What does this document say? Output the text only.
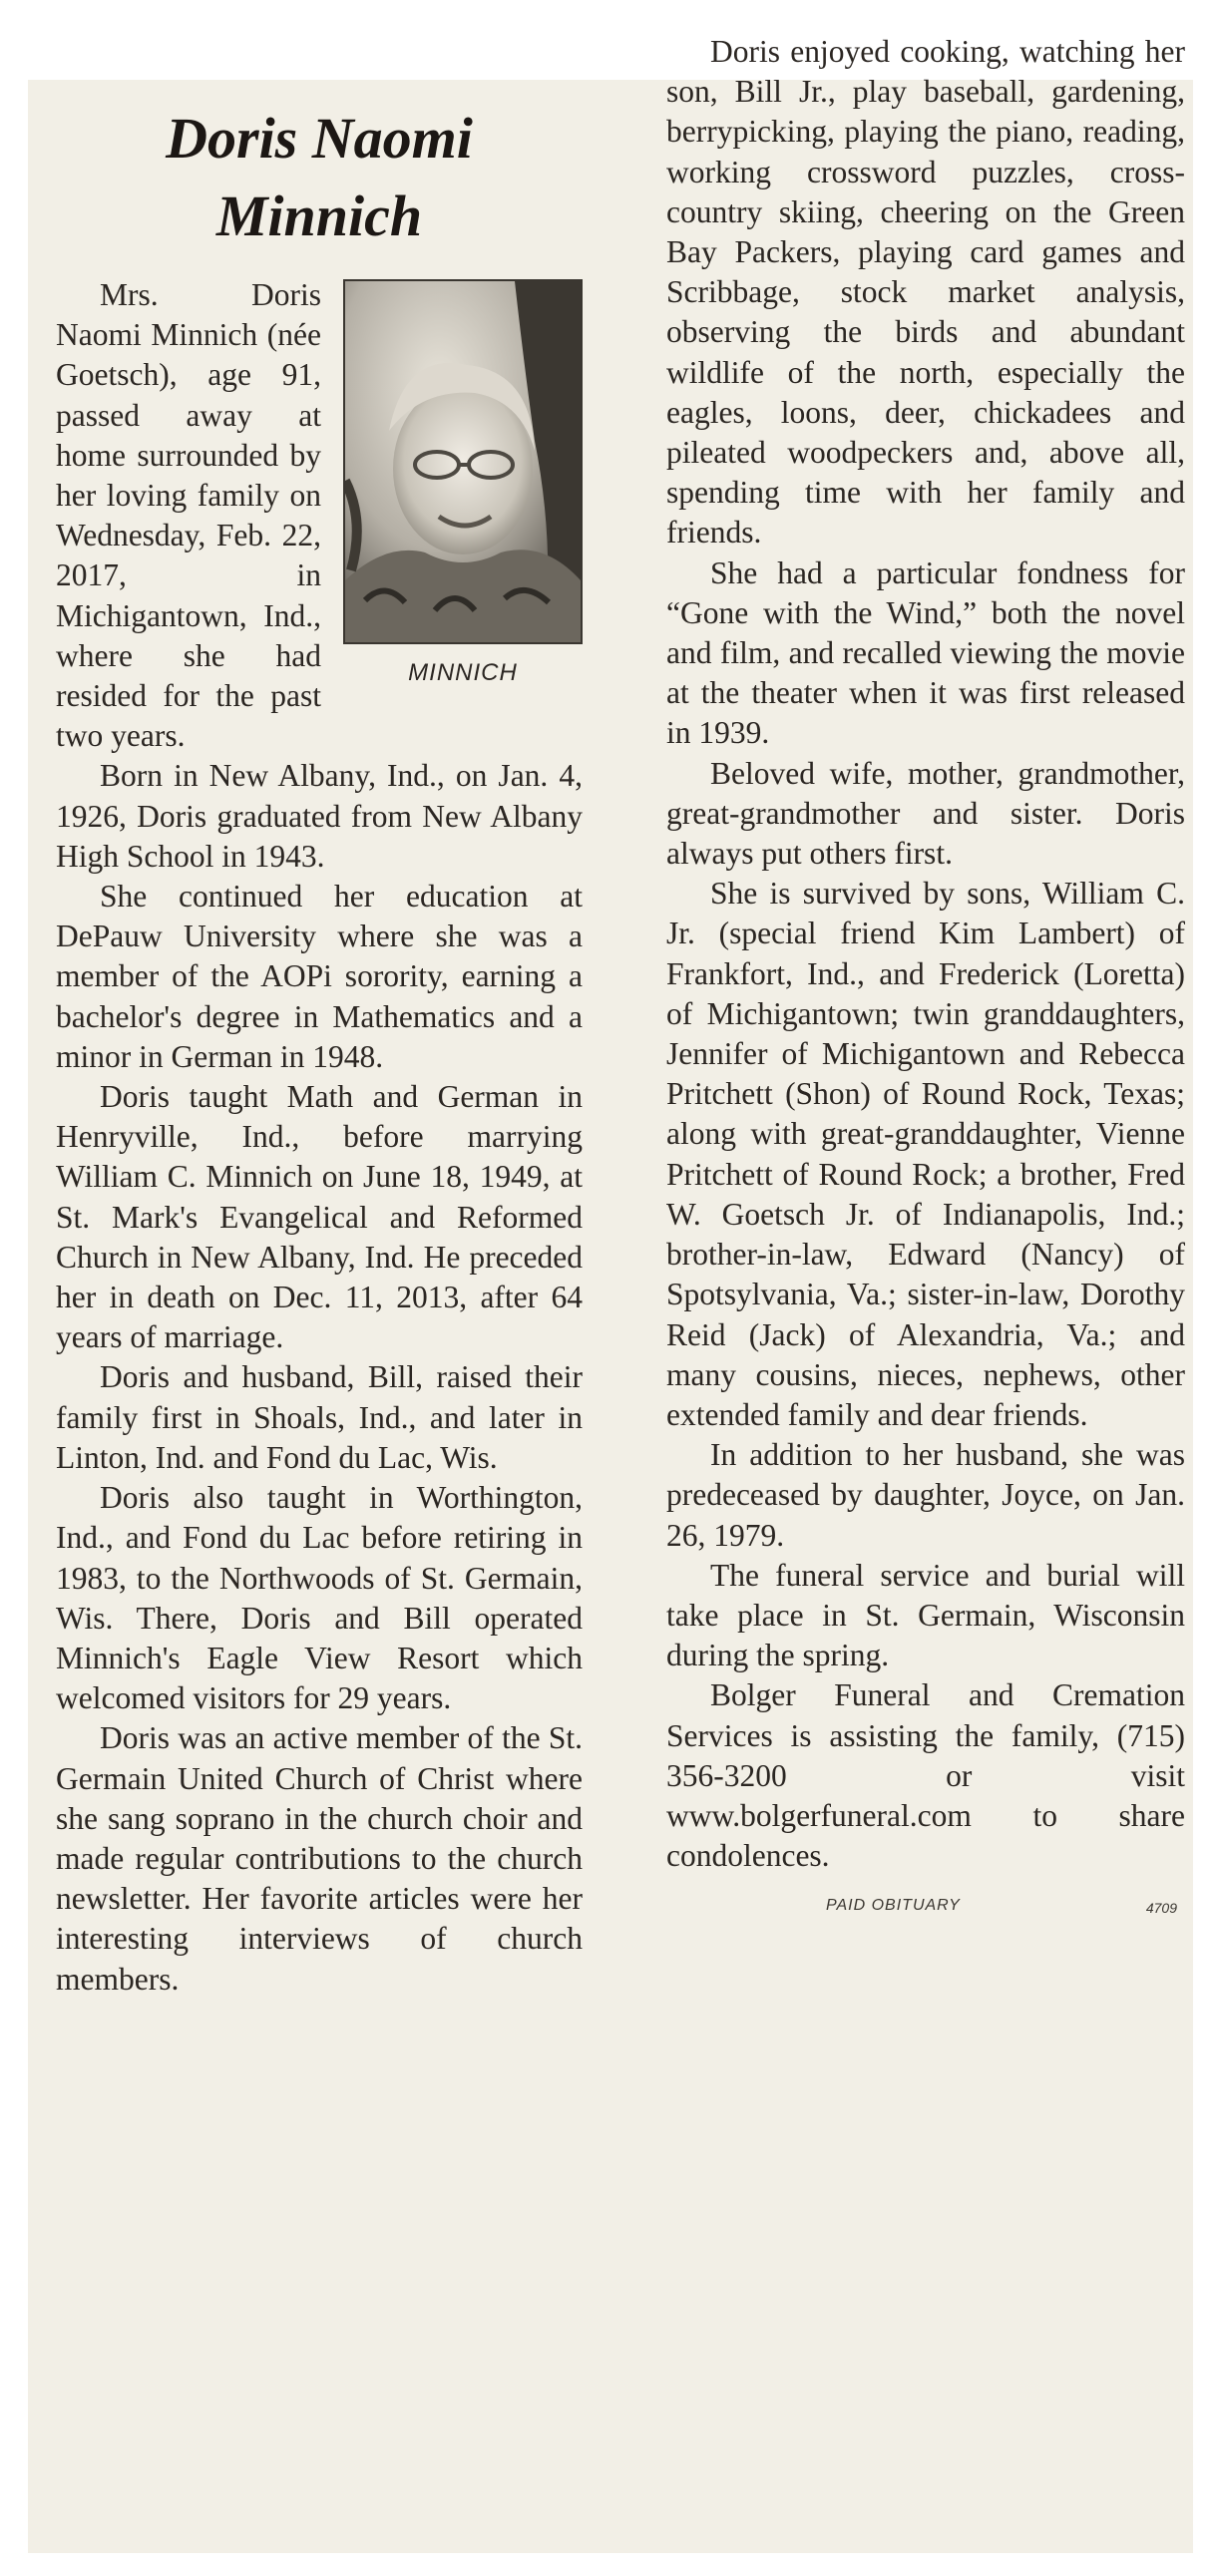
Doris Naomi
Minnich
MINNICH

Mrs. Doris Naomi Minnich (née Goetsch), age 91, passed away at home surrounded by her loving family on Wednesday, Feb. 22, 2017, in Michigantown, Ind., where she had resided for the past two years.

Born in New Albany, Ind., on Jan. 4, 1926, Doris graduated from New Albany High School in 1943.

She continued her education at DePauw University where she was a member of the AOPi sorority, earning a bachelor's degree in Mathematics and a minor in German in 1948.

Doris taught Math and German in Henryville, Ind., before marrying William C. Minnich on June 18, 1949, at St. Mark's Evangelical and Reformed Church in New Albany, Ind. He preceded her in death on Dec. 11, 2013, after 64 years of marriage.

Doris and husband, Bill, raised their family first in Shoals, Ind., and later in Linton, Ind. and Fond du Lac, Wis.

Doris also taught in Worthington, Ind., and Fond du Lac before retiring in 1983, to the Northwoods of St. Germain, Wis. There, Doris and Bill operated Minnich's Eagle View Resort which welcomed visitors for 29 years.

Doris was an active member of the St. Germain United Church of Christ where she sang soprano in the church choir and made regular contributions to the church newsletter. Her favorite articles were her interesting interviews of church members.

Doris enjoyed cooking, watching her son, Bill Jr., play baseball, gardening, berrypicking, playing the piano, reading, working crossword puzzles, cross-country skiing, cheering on the Green Bay Packers, playing card games and Scribbage, stock market analysis, observing the birds and abundant wildlife of the north, especially the eagles, loons, deer, chickadees and pileated woodpeckers and, above all, spending time with her family and friends.

She had a particular fondness for “Gone with the Wind,” both the novel and film, and recalled viewing the movie at the theater when it was first released in 1939.

Beloved wife, mother, grandmother, great-grandmother and sister. Doris always put others first.

She is survived by sons, William C. Jr. (special friend Kim Lambert) of Frankfort, Ind., and Frederick (Loretta) of Michigantown; twin granddaughters, Jennifer of Michigantown and Rebecca Pritchett (Shon) of Round Rock, Texas; along with great-granddaughter, Vienne Pritchett of Round Rock; a brother, Fred W. Goetsch Jr. of Indianapolis, Ind.; brother-in-law, Edward (Nancy) of Spotsylvania, Va.; sister-in-law, Dorothy Reid (Jack) of Alexandria, Va.; and many cousins, nieces, nephews, other extended family and dear friends.

In addition to her husband, she was predeceased by daughter, Joyce, on Jan. 26, 1979.

The funeral service and burial will take place in St. Germain, Wisconsin during the spring.

Bolger Funeral and Cremation Services is assisting the family, (715) 356-3200 or visit www.bolgerfuneral.com to share condolences.

PAID OBITUARY	4709
